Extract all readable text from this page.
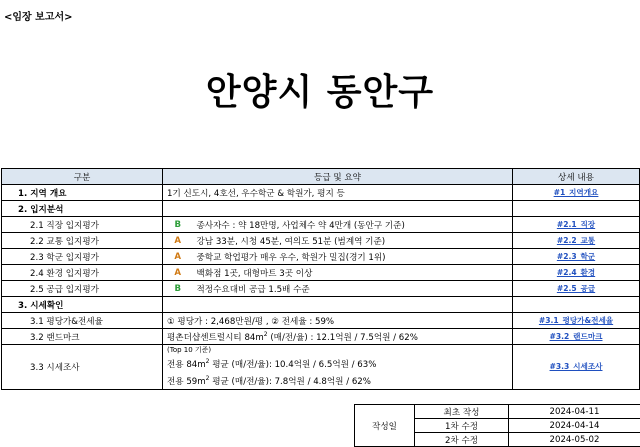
<임장 보고서>
안양시 동안구
구분	등급 및 요약		상세 내용
1. 지역 개요	1기 신도시, 4호선, 우수학군 & 학원가, 평지 등		#1_지역개요
2. 입지분석			
2.1 직장 입지평가	B	종사자수 : 약 18만명, 사업체수 약 4만개 (동안구 기준)	#2.1_직장
2.2 교통 입지평가	A	강남 33분, 시청 45분, 여의도 51분 (범계역 기준)	#2.2_교통
2.3 학군 입지평가	A	중학교 학업평가 매우 우수, 학원가 밀집(경기 1위)	#2.3_학군
2.4 환경 입지평가	A	백화점 1곳, 대형마트 3곳 이상	#2.4_환경
2.5 공급 입지평가	B	적정수요대비 공급 1.5배 수준	#2.5_공급
3. 시세확인			
3.1 평당가&전세율	① 평당가 : 2,468만원/평 , ② 전세율 : 59%		#3.1_평당가&전세율
3.2 랜드마크	평촌더샵센트럴시티 $84m^2$ (매/전/율) : 12.1억원 / 7.5억원 / 62%		#3.2_랜드마크
3.3 시세조사	(Top 10 기준)
전용 $84m^2$ 평균 (매/전/율): 10.4억원 / 6.5억원 / 63%
전용 $59m^2$ 평균 (매/전/율): 7.8억원 / 4.8억원 / 62%		#3.3_시세조사
작성일	최초 작성	2024-04-11
	1차 수정	2024-04-14
	2차 수정	2024-05-02
